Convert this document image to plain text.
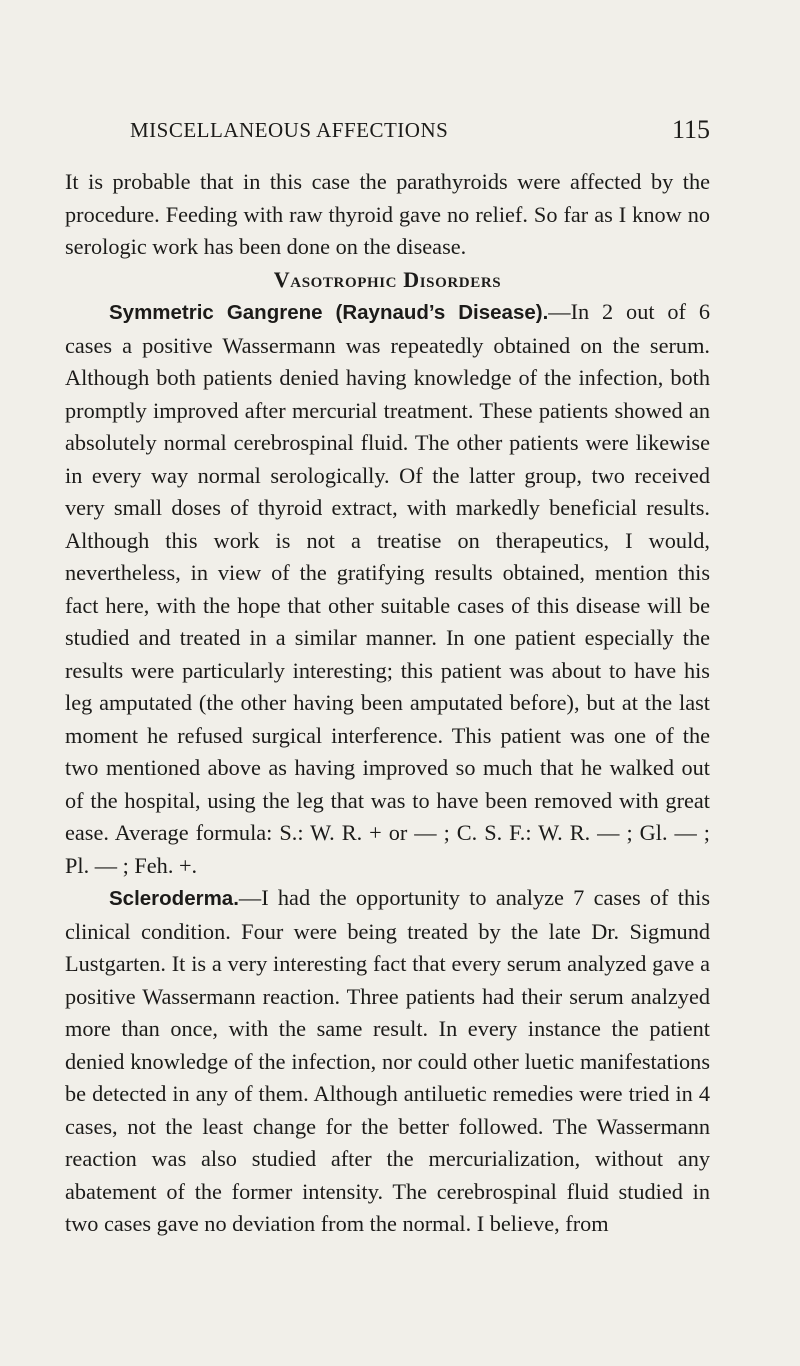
MISCELLANEOUS AFFECTIONS	115

It is probable that in this case the parathyroids were affected by the procedure. Feeding with raw thyroid gave no relief. So far as I know no serologic work has been done on the disease.

Vasotrophic Disorders

Symmetric Gangrene (Raynaud’s Disease).—In 2 out of 6 cases a positive Wassermann was repeatedly obtained on the serum. Although both patients denied having knowledge of the infection, both promptly improved after mercurial treatment. These patients showed an absolutely normal cerebrospinal fluid. The other patients were likewise in every way normal serologically. Of the latter group, two received very small doses of thyroid extract, with markedly beneficial results. Although this work is not a treatise on therapeutics, I would, nevertheless, in view of the gratifying results obtained, mention this fact here, with the hope that other suitable cases of this disease will be studied and treated in a similar manner. In one patient especially the results were particularly interesting; this patient was about to have his leg amputated (the other having been amputated before), but at the last moment he refused surgical interference. This patient was one of the two mentioned above as having improved so much that he walked out of the hospital, using the leg that was to have been removed with great ease. Average formula: S.: W. R. + or — ; C. S. F.: W. R. — ; Gl. — ; Pl. — ; Feh. +.

Scleroderma.—I had the opportunity to analyze 7 cases of this clinical condition. Four were being treated by the late Dr. Sigmund Lustgarten. It is a very interesting fact that every serum analyzed gave a positive Wassermann reaction. Three patients had their serum analzyed more than once, with the same result. In every instance the patient denied knowledge of the infection, nor could other luetic manifestations be detected in any of them. Although antiluetic remedies were tried in 4 cases, not the least change for the better followed. The Wassermann reaction was also studied after the mercurialization, without any abatement of the former intensity. The cerebrospinal fluid studied in two cases gave no deviation from the normal. I believe, from
